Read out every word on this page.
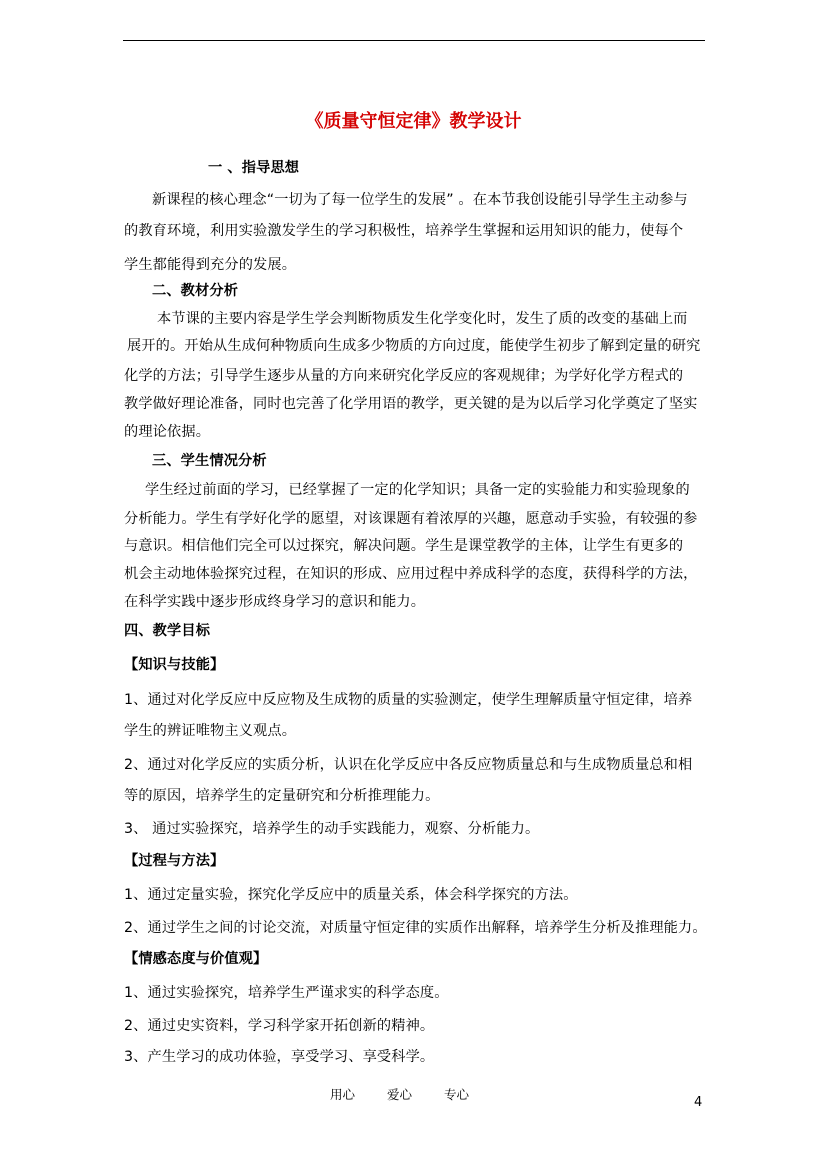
《质量守恒定律》教学设计
一 、指导思想
新课程的核心理念“一切为了每一位学生的发展” 。在本节我创设能引导学生主动参与
的教育环境，利用实验激发学生的学习积极性，培养学生掌握和运用知识的能力，使每个
学生都能得到充分的发展。
二、教材分析
本节课的主要内容是学生学会判断物质发生化学变化时，发生了质的改变的基础上而
展开的。开始从生成何种物质向生成多少物质的方向过度，能使学生初步了解到定量的研究
化学的方法；引导学生逐步从量的方向来研究化学反应的客观规律；为学好化学方程式的
教学做好理论准备，同时也完善了化学用语的教学，更关键的是为以后学习化学奠定了坚实
的理论依据。
三、学生情况分析
学生经过前面的学习，已经掌握了一定的化学知识；具备一定的实验能力和实验现象的
分析能力。学生有学好化学的愿望，对该课题有着浓厚的兴趣，愿意动手实验，有较强的参
与意识。相信他们完全可以过探究，解决问题。学生是课堂教学的主体，让学生有更多的
机会主动地体验探究过程，在知识的形成、应用过程中养成科学的态度，获得科学的方法，
在科学实践中逐步形成终身学习的意识和能力。
四、教学目标
【知识与技能】
1、通过对化学反应中反应物及生成物的质量的实验测定，使学生理解质量守恒定律，培养
学生的辨证唯物主义观点。
2、通过对化学反应的实质分析，认识在化学反应中各反应物质量总和与生成物质量总和相
等的原因，培养学生的定量研究和分析推理能力。
3、 通过实验探究，培养学生的动手实践能力，观察、分析能力。
【过程与方法】
1、通过定量实验，探究化学反应中的质量关系，体会科学探究的方法。
2、通过学生之间的讨论交流，对质量守恒定律的实质作出解释，培养学生分析及推理能力。
【情感态度与价值观】
1、通过实验探究，培养学生严谨求实的科学态度。
2、通过史实资料，学习科学家开拓创新的精神。
3、产生学习的成功体验，享受学习、享受科学。
用心	爱心	专心
4
